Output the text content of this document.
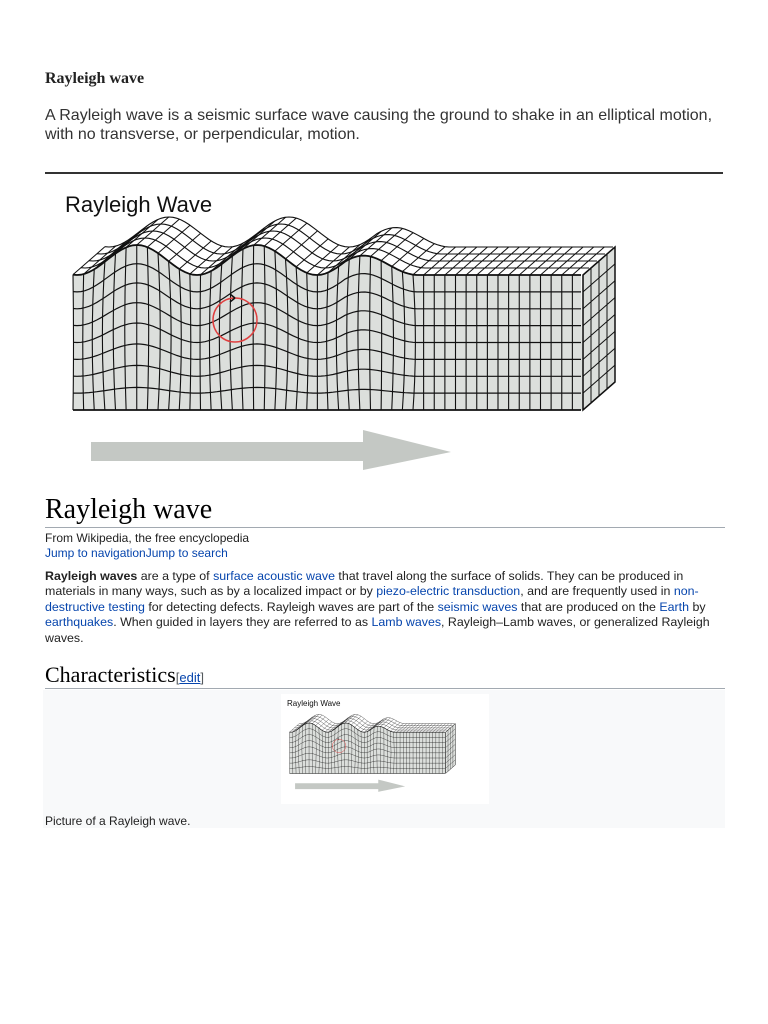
Rayleigh wave
A Rayleigh wave is a seismic surface wave causing the ground to shake in an elliptical motion, with no transverse, or perpendicular, motion.
Rayleigh Wave
Rayleigh wave
From Wikipedia, the free encyclopedia
Jump to navigationJump to search
Rayleigh waves are a type of surface acoustic wave that travel along the surface of solids. They can be produced in materials in many ways, such as by a localized impact or by piezo-electric transduction, and are frequently used in non-destructive testing for detecting defects. Rayleigh waves are part of the seismic waves that are produced on the Earth by earthquakes. When guided in layers they are referred to as Lamb waves, Rayleigh–Lamb waves, or generalized Rayleigh waves.
Characteristics[edit]
Rayleigh Wave
Picture of a Rayleigh wave.
